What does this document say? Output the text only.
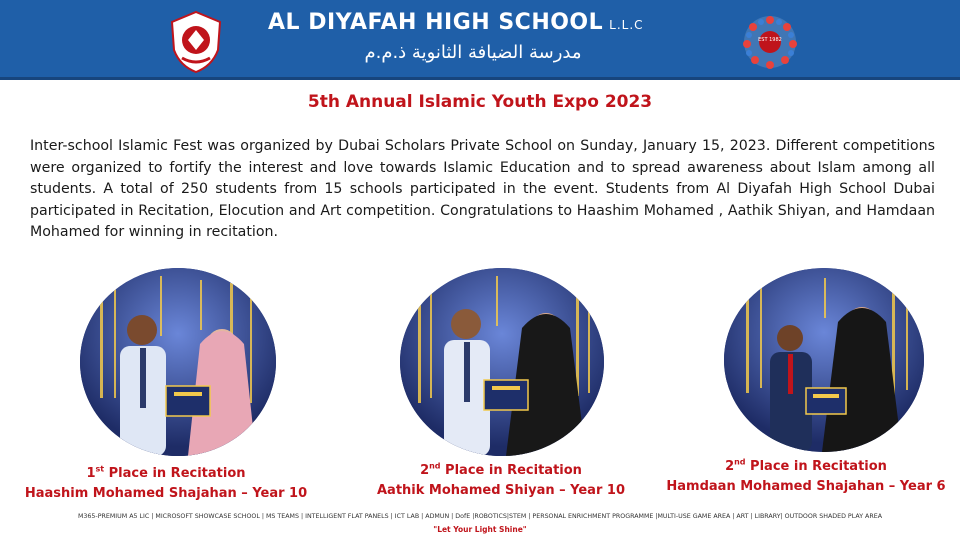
AL DIYAFAH HIGH SCHOOL L.L.C
مدرسة الضيافة الثانوية ذ.م.م
EST 1982
5th Annual Islamic Youth Expo 2023

Inter-school Islamic Fest was organized by Dubai Scholars Private School on Sunday, January 15, 2023. Different competitions were organized to fortify the interest and love towards Islamic Education and to spread awareness about Islam among all students. A total of 250 students from 15 schools participated in the event. Students from Al Diyafah High School Dubai participated in Recitation, Elocution and Art competition. Congratulations to Haashim Mohamed , Aathik Shiyan, and Hamdaan Mohamed for winning in recitation.

1st Place in Recitation
Haashim Mohamed Shajahan – Year 10
2nd Place in Recitation
Aathik Mohamed Shiyan – Year 10
2nd Place in Recitation
Hamdaan Mohamed Shajahan – Year 6
M365-PREMIUM A5 LIC | MICROSOFT SHOWCASE SCHOOL | MS TEAMS | INTELLIGENT FLAT PANELS | ICT LAB | ADMUN | DofE |ROBOTICS|STEM | PERSONAL ENRICHMENT PROGRAMME |MULTI-USE GAME AREA | ART | LIBRARY| OUTDOOR SHADED PLAY AREA
"Let Your Light Shine"
